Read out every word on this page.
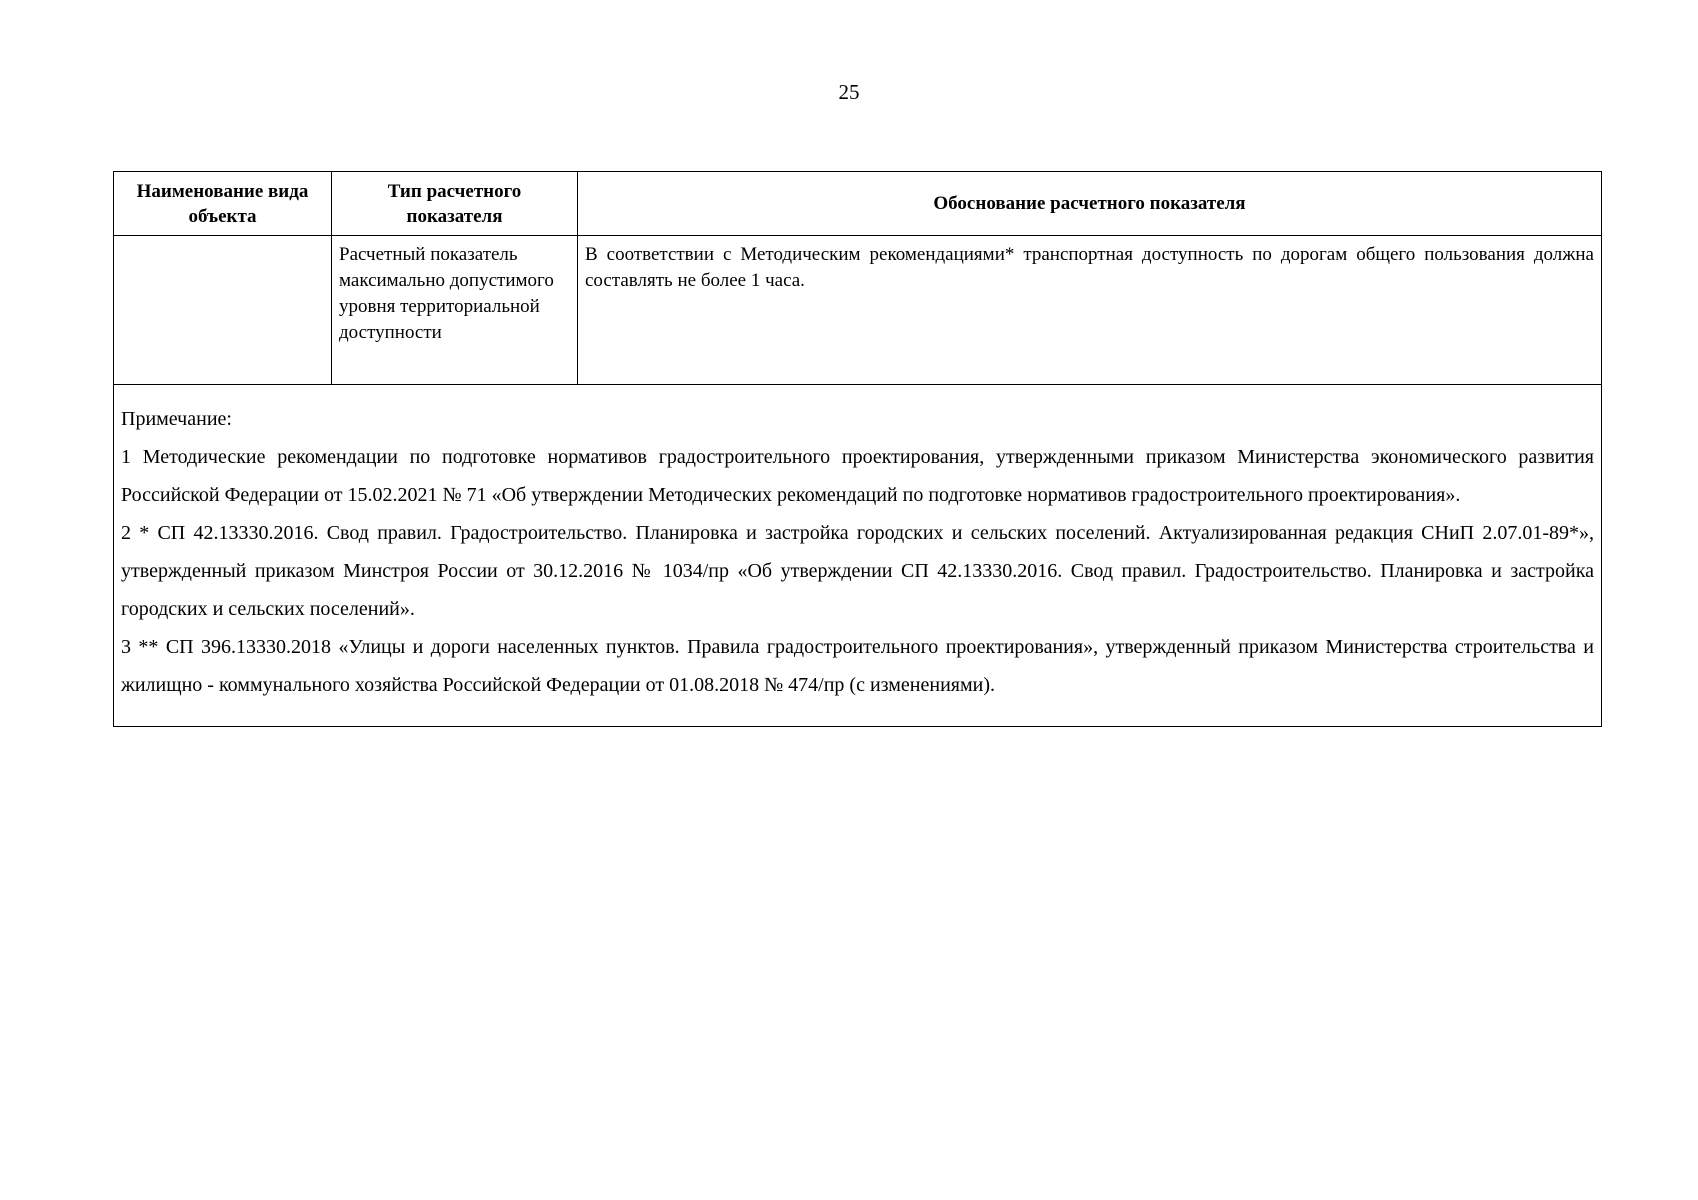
25
Наименование вида объекта	Тип расчетного показателя	Обоснование расчетного показателя
	Расчетный показатель максимально допустимого уровня территориальной доступности	В соответствии с Методическим рекомендациями* транспортная доступность по дорогам общего пользования должна составлять не более 1 часа.

Примечание:
1 Методические рекомендации по подготовке нормативов градостроительного проектирования, утвержденными приказом Министерства экономического развития Российской Федерации от 15.02.2021 № 71 «Об утверждении Методических рекомендаций по подготовке нормативов градостроительного проектирования».
2 * СП 42.13330.2016. Свод правил. Градостроительство. Планировка и застройка городских и сельских поселений. Актуализированная редакция СНиП 2.07.01-89*», утвержденный приказом Минстроя России от 30.12.2016 № 1034/пр «Об утверждении СП 42.13330.2016. Свод правил. Градостроительство. Планировка и застройка городских и сельских поселений».
3 ** СП 396.13330.2018 «Улицы и дороги населенных пунктов. Правила градостроительного проектирования», утвержденный приказом Министерства строительства и жилищно - коммунального хозяйства Российской Федерации от 01.08.2018 № 474/пр (с изменениями).		
